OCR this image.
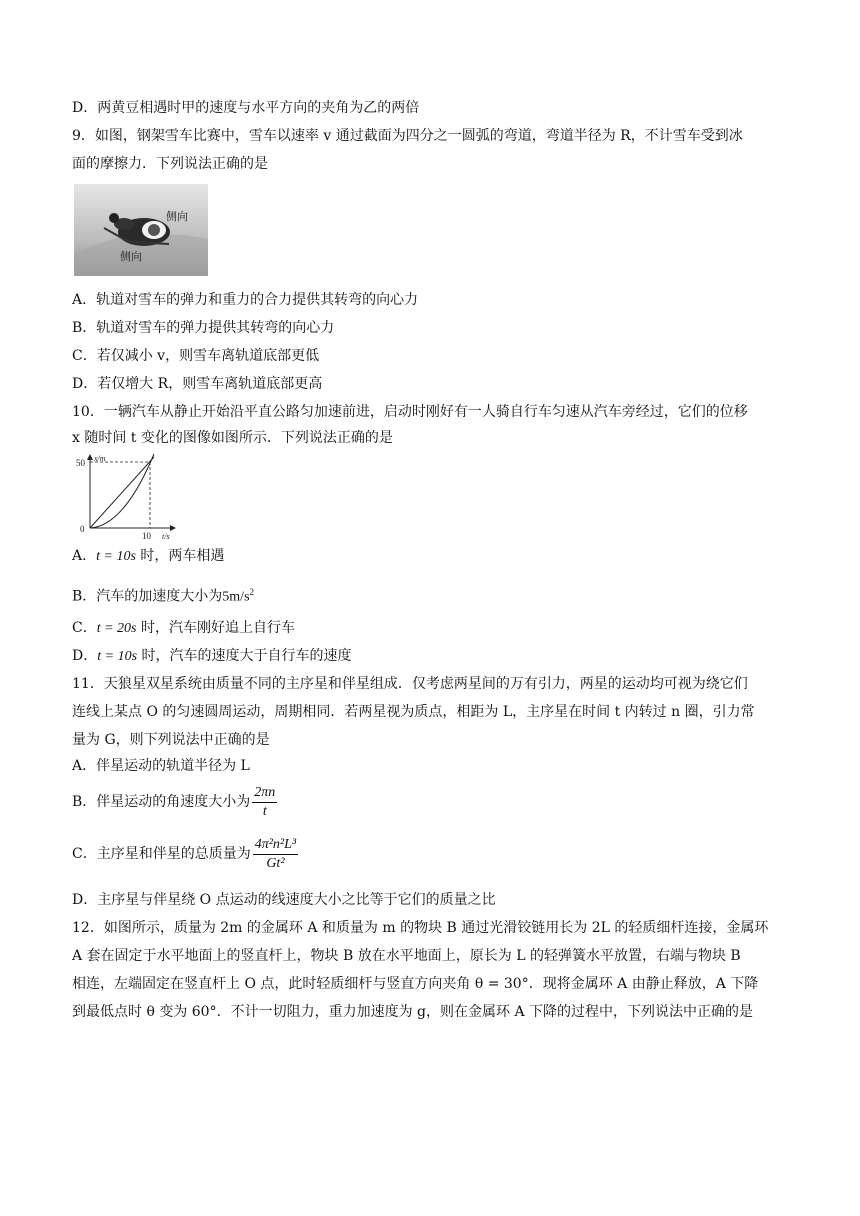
D．两黄豆相遇时甲的速度与水平方向的夹角为乙的两倍
9．如图，钢架雪车比赛中，雪车以速率 v 通过截面为四分之一圆弧的弯道，弯道半径为 R，不计雪车受到冰
面的摩擦力．下列说法正确的是
侧向
侧向
A．轨道对雪车的弹力和重力的合力提供其转弯的向心力
B．轨道对雪车的弹力提供其转弯的向心力
C．若仅减小 v，则雪车离轨道底部更低
D．若仅增大 R，则雪车离轨道底部更高
10．一辆汽车从静止开始沿平直公路匀加速前进，启动时刚好有一人骑自行车匀速从汽车旁经过，它们的位移
x 随时间 t 变化的图像如图所示．下列说法正确的是
x/m
50
0
10 t/s
A．t = 10s 时，两车相遇
B．汽车的加速度大小为$5m/s^2$
C．t = 20s 时，汽车刚好追上自行车
D．t = 10s 时，汽车的速度大于自行车的速度
11．天狼星双星系统由质量不同的主序星和伴星组成．仅考虑两星间的万有引力，两星的运动均可视为绕它们
连线上某点 O 的匀速圆周运动，周期相同．若两星视为质点，相距为 L，主序星在时间 t 内转过 n 圈，引力常
量为 G，则下列说法中正确的是
A．伴星运动的轨道半径为 L
B．伴星运动的角速度大小为 $\frac{2\pi n}{t}$
C．主序星和伴星的总质量为 $\frac{\text{4π²n²L³}}{\text{Gt²}}$
D．主序星与伴星绕 O 点运动的线速度大小之比等于它们的质量之比
12．如图所示，质量为 2m 的金属环 A 和质量为 m 的物块 B 通过光滑铰链用长为 2L 的轻质细杆连接，金属环
A 套在固定于水平地面上的竖直杆上，物块 B 放在水平地面上，原长为 L 的轻弹簧水平放置，右端与物块 B
相连，左端固定在竖直杆上 O 点，此时轻质细杆与竖直方向夹角 θ = 30°．现将金属环 A 由静止释放，A 下降
到最低点时 θ 变为 60°．不计一切阻力，重力加速度为 g，则在金属环 A 下降的过程中，下列说法中正确的是
